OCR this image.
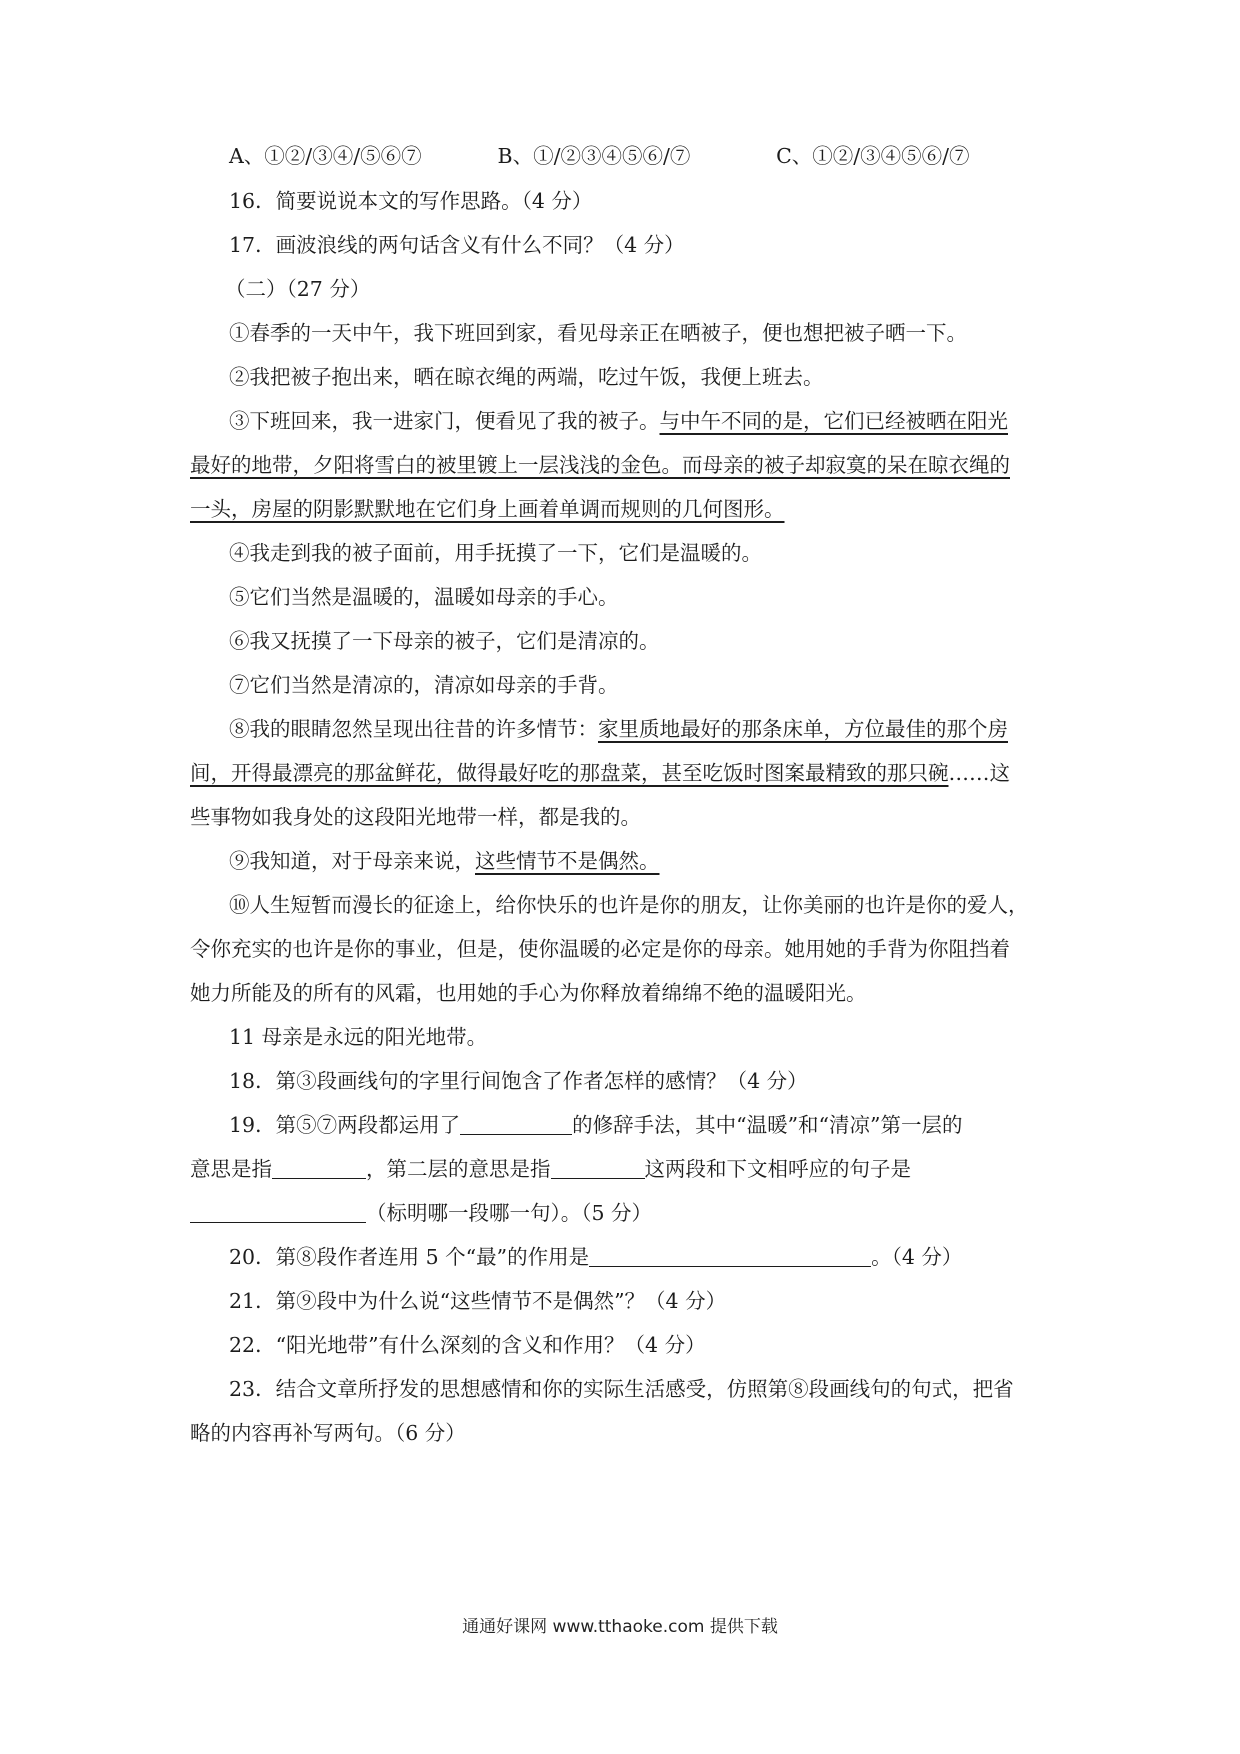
A、①②/③④/⑤⑥⑦	B、①/②③④⑤⑥/⑦	C、①②/③④⑤⑥/⑦
16．简要说说本文的写作思路。（4 分）
17．画波浪线的两句话含义有什么不同？（4 分）
（二）（27 分）
①春季的一天中午，我下班回到家，看见母亲正在晒被子，便也想把被子晒一下。
②我把被子抱出来，晒在晾衣绳的两端，吃过午饭，我便上班去。
③下班回来，我一进家门，便看见了我的被子。与中午不同的是，它们已经被晒在阳光
最好的地带，夕阳将雪白的被里镀上一层浅浅的金色。而母亲的被子却寂寞的呆在晾衣绳的
一头，房屋的阴影默默地在它们身上画着单调而规则的几何图形。
④我走到我的被子面前，用手抚摸了一下，它们是温暖的。
⑤它们当然是温暖的，温暖如母亲的手心。
⑥我又抚摸了一下母亲的被子，它们是清凉的。
⑦它们当然是清凉的，清凉如母亲的手背。
⑧我的眼睛忽然呈现出往昔的许多情节：家里质地最好的那条床单，方位最佳的那个房
间，开得最漂亮的那盆鲜花，做得最好吃的那盘菜，甚至吃饭时图案最精致的那只碗……这
些事物如我身处的这段阳光地带一样，都是我的。
⑨我知道，对于母亲来说，这些情节不是偶然。
⑩人生短暂而漫长的征途上，给你快乐的也许是你的朋友，让你美丽的也许是你的爱人，
令你充实的也许是你的事业，但是，使你温暖的必定是你的母亲。她用她的手背为你阻挡着
她力所能及的所有的风霜，也用她的手心为你释放着绵绵不绝的温暖阳光。
11 母亲是永远的阳光地带。
18．第③段画线句的字里行间饱含了作者怎样的感情？（4 分）
19．第⑤⑦两段都运用了	的修辞手法，其中“温暖”和“清凉”第一层的
意思是指	，第二层的意思是指	这两段和下文相呼应的句子是
（标明哪一段哪一句）。（5 分）
20．第⑧段作者连用 5 个“最”的作用是	。（4 分）
21．第⑨段中为什么说“这些情节不是偶然”？（4 分）
22．“阳光地带”有什么深刻的含义和作用？（4 分）
23．结合文章所抒发的思想感情和你的实际生活感受，仿照第⑧段画线句的句式，把省
略的内容再补写两句。（6 分）
通通好课网 www.tthaoke.com 提供下载
